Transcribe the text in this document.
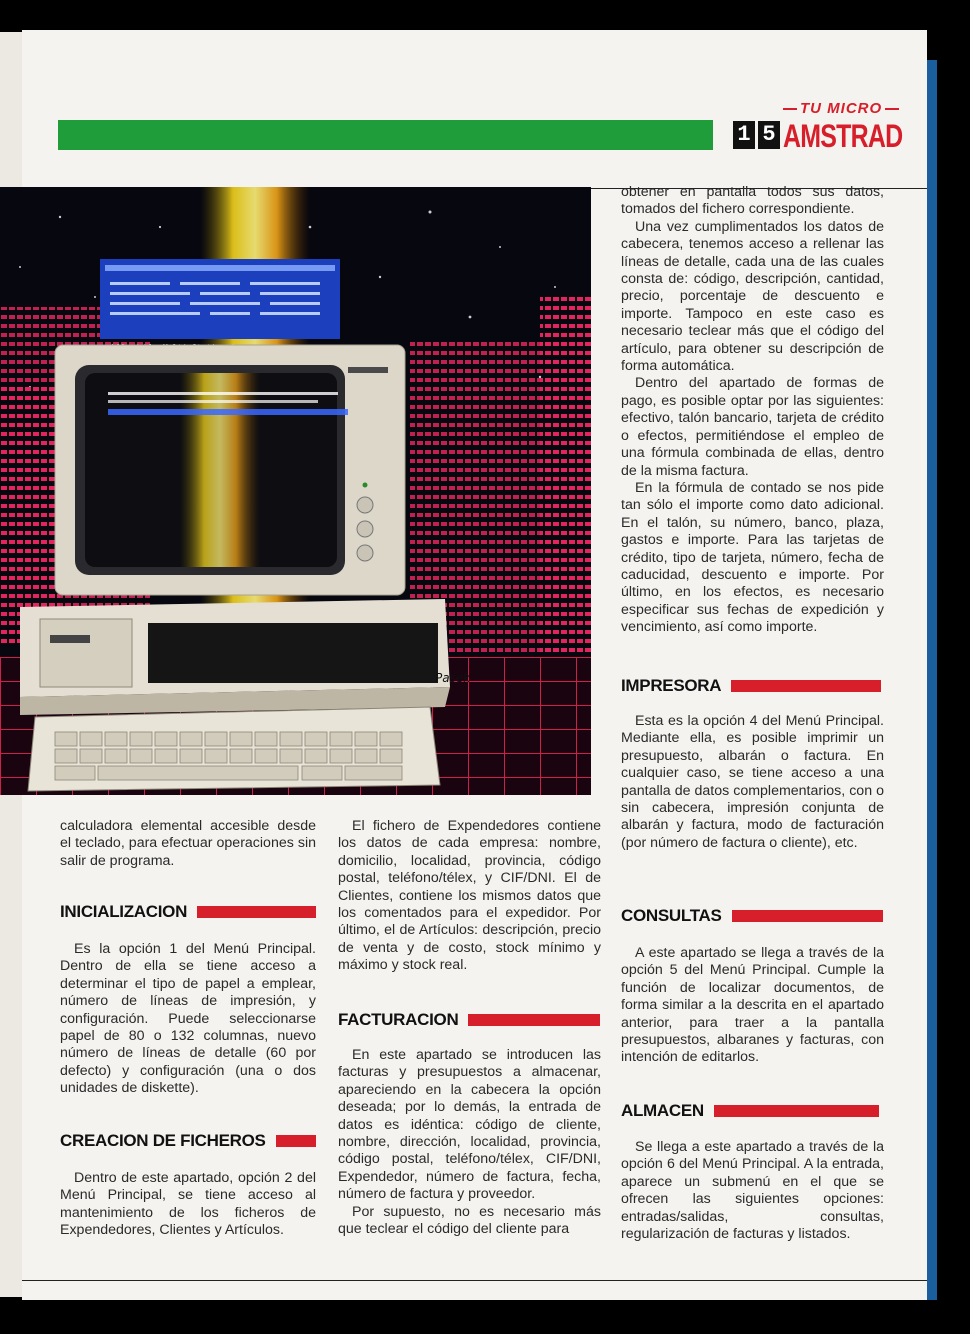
TU MICRO
1 5 AMSTRAD
Pasek

calculadora elemental accesible desde el teclado, para efectuar operaciones sin salir de programa.

INICIALIZACION

Es la opción 1 del Menú Principal. Dentro de ella se tiene acceso a determinar el tipo de papel a emplear, número de líneas de impresión, y configuración. Puede seleccionarse papel de 80 o 132 columnas, nuevo número de líneas de detalle (60 por defecto) y configuración (una o dos unidades de diskette).

CREACION DE FICHEROS

Dentro de este apartado, opción 2 del Menú Principal, se tiene acceso al mantenimiento de los ficheros de Expendedores, Clientes y Artículos.

El fichero de Expendedores contiene los datos de cada empresa: nombre, domicilio, localidad, provincia, código postal, teléfono/télex, y CIF/DNI. El de Clientes, contiene los mismos datos que los comentados para el expedidor. Por último, el de Artículos: descripción, precio de venta y de costo, stock mínimo y máximo y stock real.

FACTURACION

En este apartado se introducen las facturas y presupuestos a almacenar, apareciendo en la cabecera la opción deseada; por lo demás, la entrada de datos es idéntica: código de cliente, nombre, dirección, localidad, provincia, código postal, teléfono/télex, CIF/DNI, Expendedor, número de factura, fecha, número de factura y proveedor.

Por supuesto, no es necesario más que teclear el código del cliente para

obtener en pantalla todos sus datos, tomados del fichero correspondiente.

Una vez cumplimentados los datos de cabecera, tenemos acceso a rellenar las líneas de detalle, cada una de las cuales consta de: código, descripción, cantidad, precio, porcentaje de descuento e importe. Tampoco en este caso es necesario teclear más que el código del artículo, para obtener su descripción de forma automática.

Dentro del apartado de formas de pago, es posible optar por las siguientes: efectivo, talón bancario, tarjeta de crédito o efectos, permitiéndose el empleo de una fórmula combinada de ellas, dentro de la misma factura.

En la fórmula de contado se nos pide tan sólo el importe como dato adicional. En el talón, su número, banco, plaza, gastos e importe. Para las tarjetas de crédito, tipo de tarjeta, número, fecha de caducidad, descuento e importe. Por último, en los efectos, es necesario especificar sus fechas de expedición y vencimiento, así como importe.

IMPRESORA

Esta es la opción 4 del Menú Principal. Mediante ella, es posible imprimir un presupuesto, albarán o factura. En cualquier caso, se tiene acceso a una pantalla de datos complementarios, con o sin cabecera, impresión conjunta de albarán y factura, modo de facturación (por número de factura o cliente), etc.

CONSULTAS

A este apartado se llega a través de la opción 5 del Menú Principal. Cumple la función de localizar documentos, de forma similar a la descrita en el apartado anterior, para traer a la pantalla presupuestos, albaranes y facturas, con intención de editarlos.

ALMACEN

Se llega a este apartado a través de la opción 6 del Menú Principal. A la entrada, aparece un submenú en el que se ofrecen las siguientes opciones: entradas/salidas, consultas, regularización de facturas y listados.
